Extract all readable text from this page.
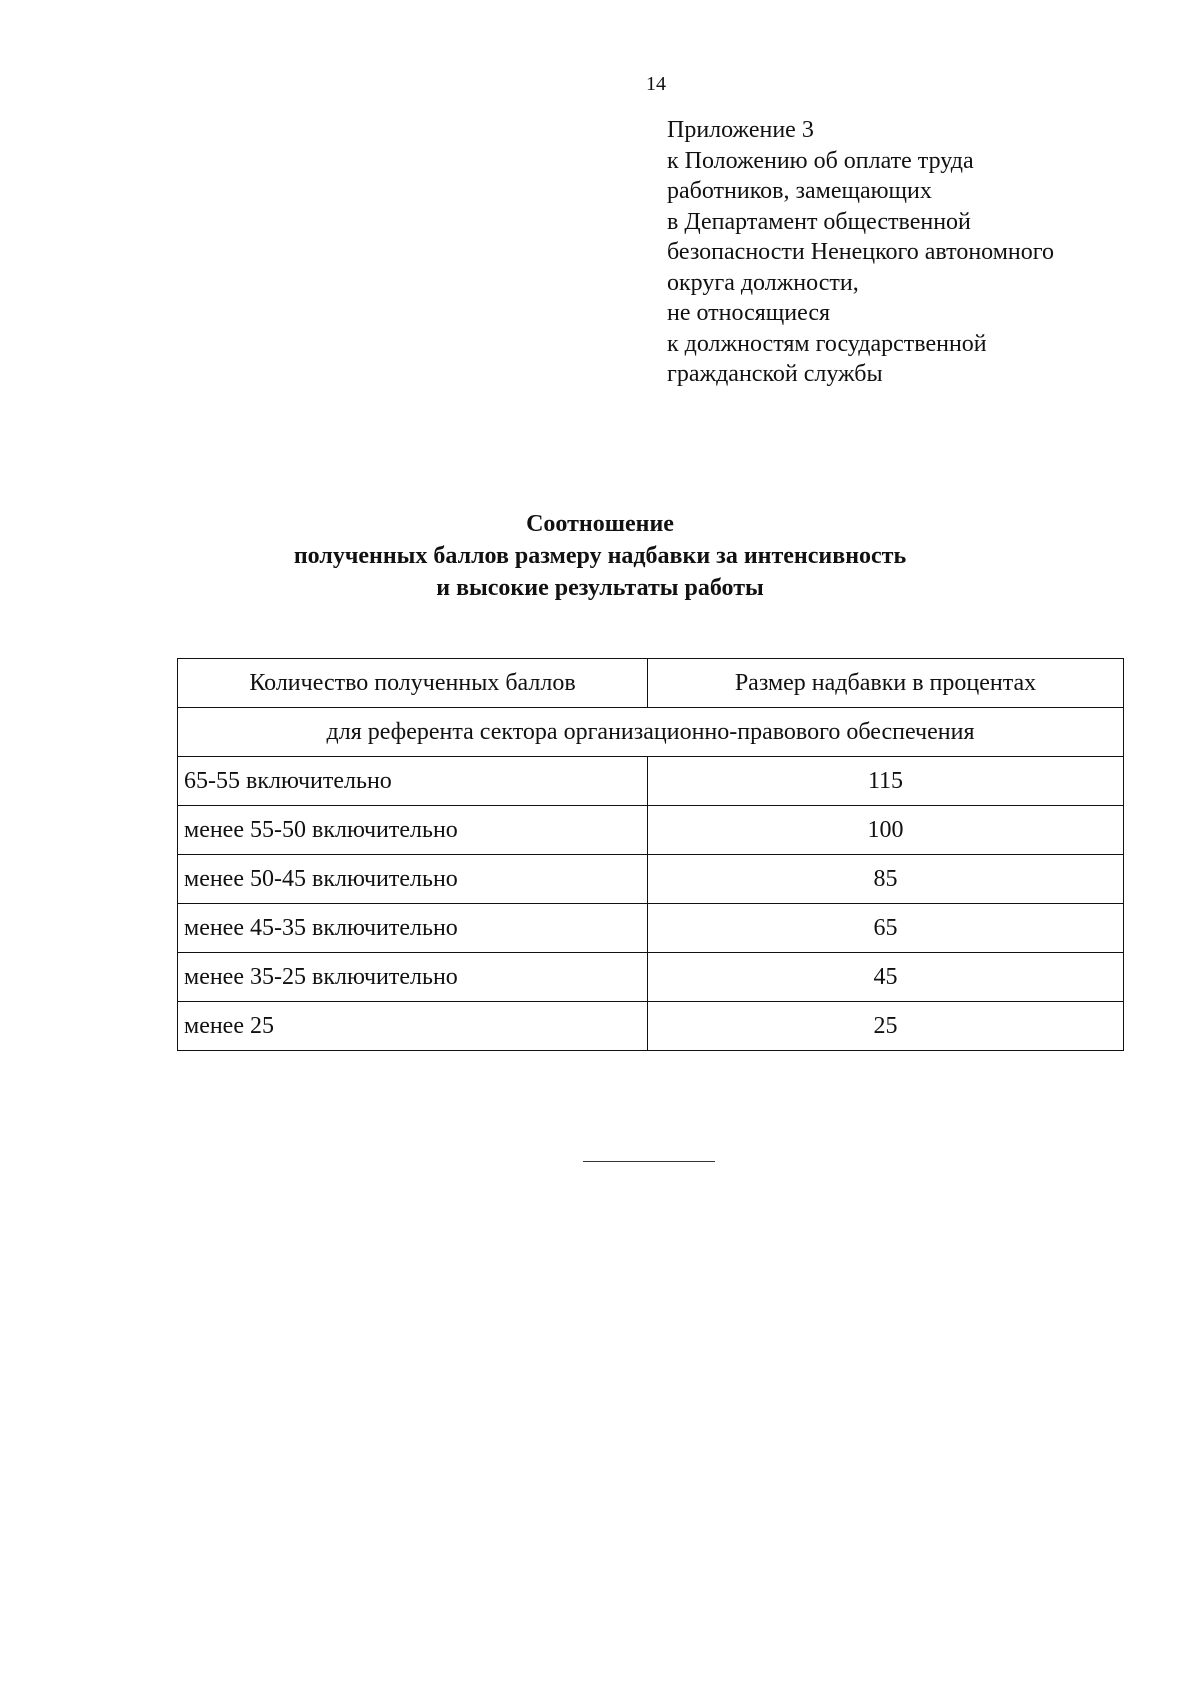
14
Приложение 3
к Положению об оплате труда
работников, замещающих
в Департамент общественной
безопасности Ненецкого автономного
округа должности,
не относящиеся
к должностям государственной
гражданской службы
Соотношение
полученных баллов размеру надбавки за интенсивность
и высокие результаты работы
Количество полученных баллов	Размер надбавки в процентах
для референта сектора организационно-правового обеспечения	
65-55 включительно	115
менее 55-50 включительно	100
менее 50-45 включительно	85
менее 45-35 включительно	65
менее 35-25 включительно	45
менее 25	25
